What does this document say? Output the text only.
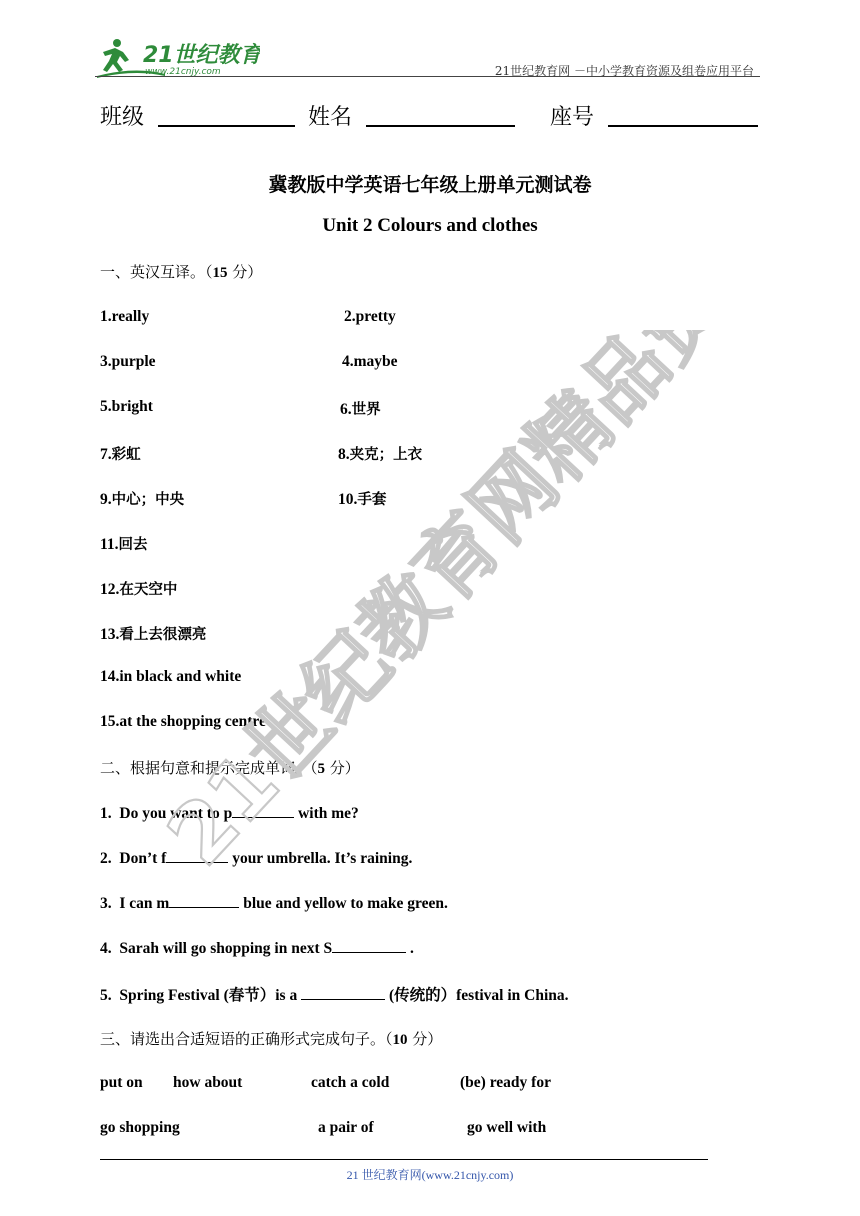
21世纪教育
www.21cnjy.com	21世纪教育网 －中小学教育资源及组卷应用平台
班级	姓名	座号
冀教版中学英语七年级上册单元测试卷
Unit 2 Colours and clothes
一、英汉互译。（15 分）
1.really	2.pretty
3.purple	4.maybe
5.bright	6.世界
7.彩虹	8.夹克；上衣
9.中心；中央	10.手套
11.回去
12.在天空中
13.看上去很漂亮
14.in black and white
15.at the shopping centre
二、根据句意和提示完成单词。（5 分）
1. Do you want to p	with me?
2. Don’t f	your umbrella. It’s raining.
3. I can m	blue and yellow to make green.
4. Sarah will go shopping in next S	.
5. Spring Festival (春节）is a	(传统的）festival in China.
三、请选出合适短语的正确形式完成句子。（10 分）
put on how about	catch a cold	(be) ready for
go shopping	a pair of	go well with
21世纪教育网精品资料
21 世纪教育网(www.21cnjy.com)
